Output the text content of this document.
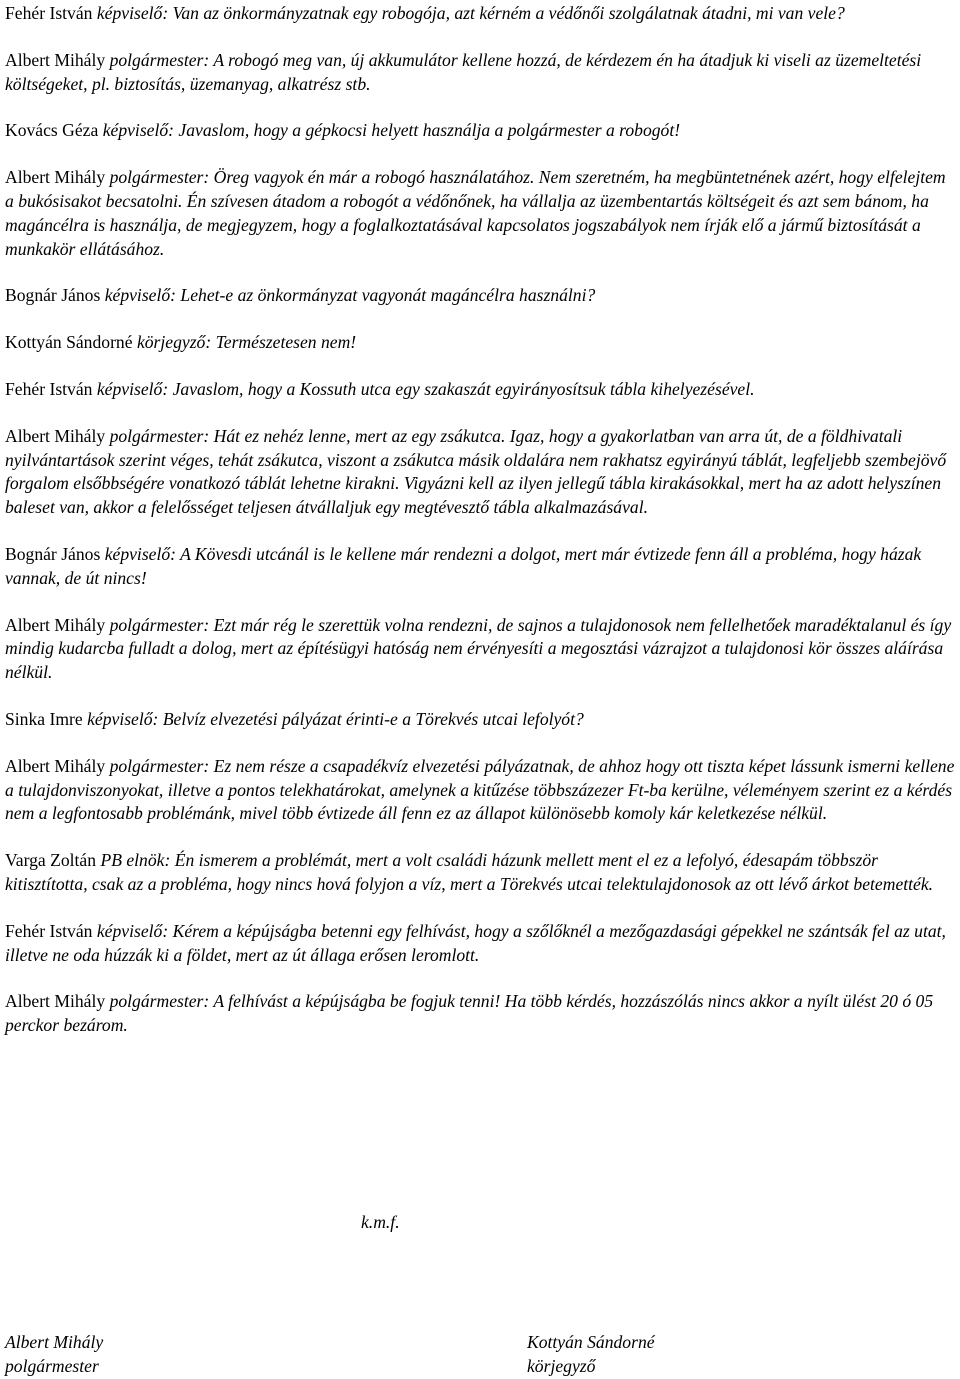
Fehér István képviselő: Van az önkormányzatnak egy robogója, azt kérném a védőnői szolgálatnak átadni, mi van vele?

Albert Mihály polgármester: A robogó meg van, új akkumulátor kellene hozzá, de kérdezem én ha átadjuk ki viseli az üzemeltetési költségeket, pl. biztosítás, üzemanyag, alkatrész stb.

Kovács Géza képviselő: Javaslom, hogy a gépkocsi helyett használja a polgármester a robogót!

Albert Mihály polgármester: Öreg vagyok én már a robogó használatához. Nem szeretném, ha megbüntetnének azért, hogy elfelejtem a bukósisakot becsatolni. Én szívesen átadom a robogót a védőnőnek, ha vállalja az üzembentartás költségeit és azt sem bánom, ha magáncélra is használja, de megjegyzem, hogy a foglalkoztatásával kapcsolatos jogszabályok nem írják elő a jármű biztosítását a munkakör ellátásához.

Bognár János képviselő: Lehet-e az önkormányzat vagyonát magáncélra használni?

Kottyán Sándorné körjegyző: Természetesen nem!

Fehér István képviselő: Javaslom, hogy a Kossuth utca egy szakaszát egyirányosítsuk tábla kihelyezésével.

Albert Mihály polgármester: Hát ez nehéz lenne, mert az egy zsákutca. Igaz, hogy a gyakorlatban van arra út, de a földhivatali nyilvántartások szerint véges, tehát zsákutca, viszont a zsákutca másik oldalára nem rakhatsz egyirányú táblát, legfeljebb szembejövő forgalom elsőbbségére vonatkozó táblát lehetne kirakni. Vigyázni kell az ilyen jellegű tábla kirakásokkal, mert ha az adott helyszínen baleset van, akkor a felelősséget teljesen átvállaljuk egy megtévesztő tábla alkalmazásával.

Bognár János képviselő: A Kövesdi utcánál is le kellene már rendezni a dolgot, mert már évtizede fenn áll a probléma, hogy házak vannak, de út nincs!

Albert Mihály polgármester: Ezt már rég le szerettük volna rendezni, de sajnos a tulajdonosok nem fellelhetőek maradéktalanul és így mindig kudarcba fulladt a dolog, mert az építésügyi hatóság nem érvényesíti a megosztási vázrajzot a tulajdonosi kör összes aláírása nélkül.

Sinka Imre képviselő: Belvíz elvezetési pályázat érinti-e a Törekvés utcai lefolyót?

Albert Mihály polgármester: Ez nem része a csapadékvíz elvezetési pályázatnak, de ahhoz hogy ott tiszta képet lássunk ismerni kellene a tulajdonviszonyokat, illetve a pontos telekhatárokat, amelynek a kitűzése többszázezer Ft-ba kerülne, véleményem szerint ez a kérdés nem a legfontosabb problémánk, mivel több évtizede áll fenn ez az állapot különösebb komoly kár keletkezése nélkül.

Varga Zoltán PB elnök: Én ismerem a problémát, mert a volt családi házunk mellett ment el ez a lefolyó, édesapám többször kitisztította, csak az a probléma, hogy nincs hová folyjon a víz, mert a Törekvés utcai telektulajdonosok az ott lévő árkot betemették.

Fehér István képviselő: Kérem a képújságba betenni egy felhívást, hogy a szőlőknél a mezőgazdasági gépekkel ne szántsák fel az utat, illetve ne oda húzzák ki a földet, mert az út állaga erősen leromlott.

Albert Mihály polgármester: A felhívást a képújságba be fogjuk tenni! Ha több kérdés, hozzászólás nincs akkor a nyílt ülést 20 ó 05 perckor bezárom.

k.m.f.
Albert Mihály
polgármester
Kottyán Sándorné
körjegyző
